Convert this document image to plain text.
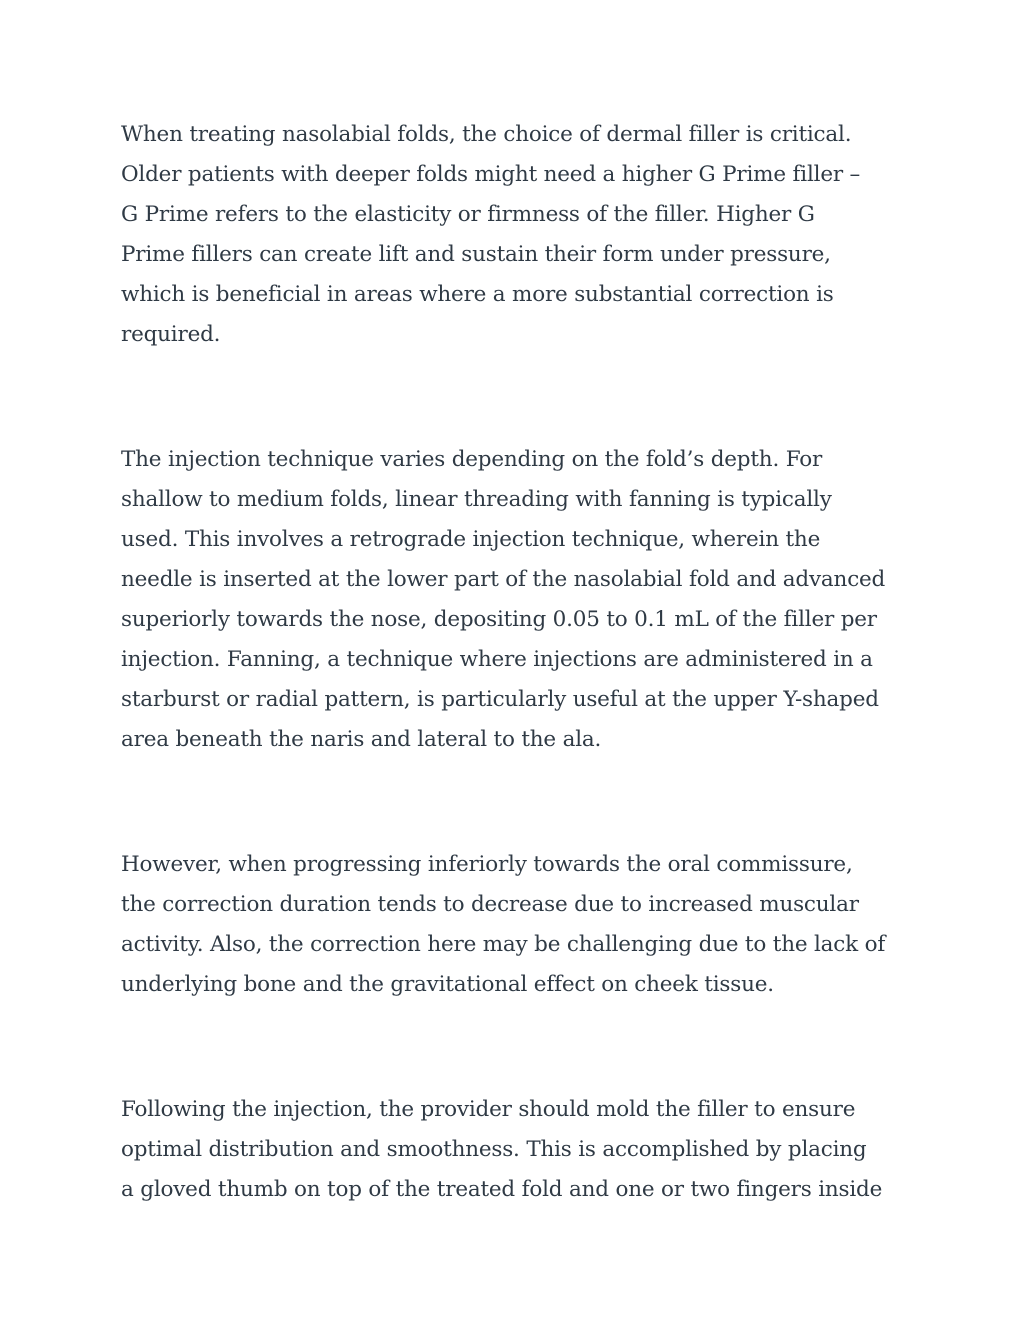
When treating nasolabial folds, the choice of dermal filler is critical.
Older patients with deeper folds might need a higher G Prime filler –
G Prime refers to the elasticity or firmness of the filler. Higher G
Prime fillers can create lift and sustain their form under pressure,
which is beneficial in areas where a more substantial correction is
required.

The injection technique varies depending on the fold’s depth. For
shallow to medium folds, linear threading with fanning is typically
used. This involves a retrograde injection technique, wherein the
needle is inserted at the lower part of the nasolabial fold and advanced
superiorly towards the nose, depositing 0.05 to 0.1 mL of the filler per
injection. Fanning, a technique where injections are administered in a
starburst or radial pattern, is particularly useful at the upper Y-shaped
area beneath the naris and lateral to the ala.

However, when progressing inferiorly towards the oral commissure,
the correction duration tends to decrease due to increased muscular
activity. Also, the correction here may be challenging due to the lack of
underlying bone and the gravitational effect on cheek tissue.

Following the injection, the provider should mold the filler to ensure
optimal distribution and smoothness. This is accomplished by placing
a gloved thumb on top of the treated fold and one or two fingers inside
